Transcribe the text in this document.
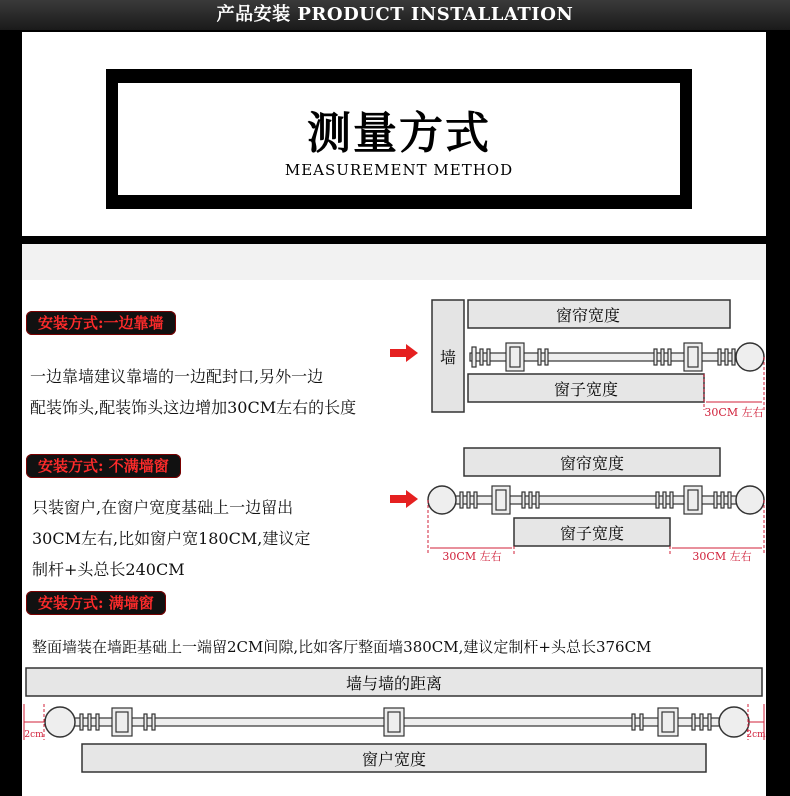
产品安装 PRODUCT INSTALLATION
测量方式
MEASUREMENT METHOD
安装方式:一边靠墙
一边靠墙建议靠墙的一边配封口,另外一边
配装饰头,配装饰头这边增加30CM左右的长度
墙
窗帘宽度
窗子宽度
30CM 左右
安装方式: 不满墙窗
只装窗户,在窗户宽度基础上一边留出
30CM左右,比如窗户宽180CM,建议定
制杆+头总长240CM
窗帘宽度
窗子宽度
30CM 左右	30CM 左右
安装方式: 满墙窗
整面墙装在墙距基础上一端留2CM间隙,比如客厅整面墙380CM,建议定制杆+头总长376CM
墙与墙的距离
窗户宽度
2cm	2cm
